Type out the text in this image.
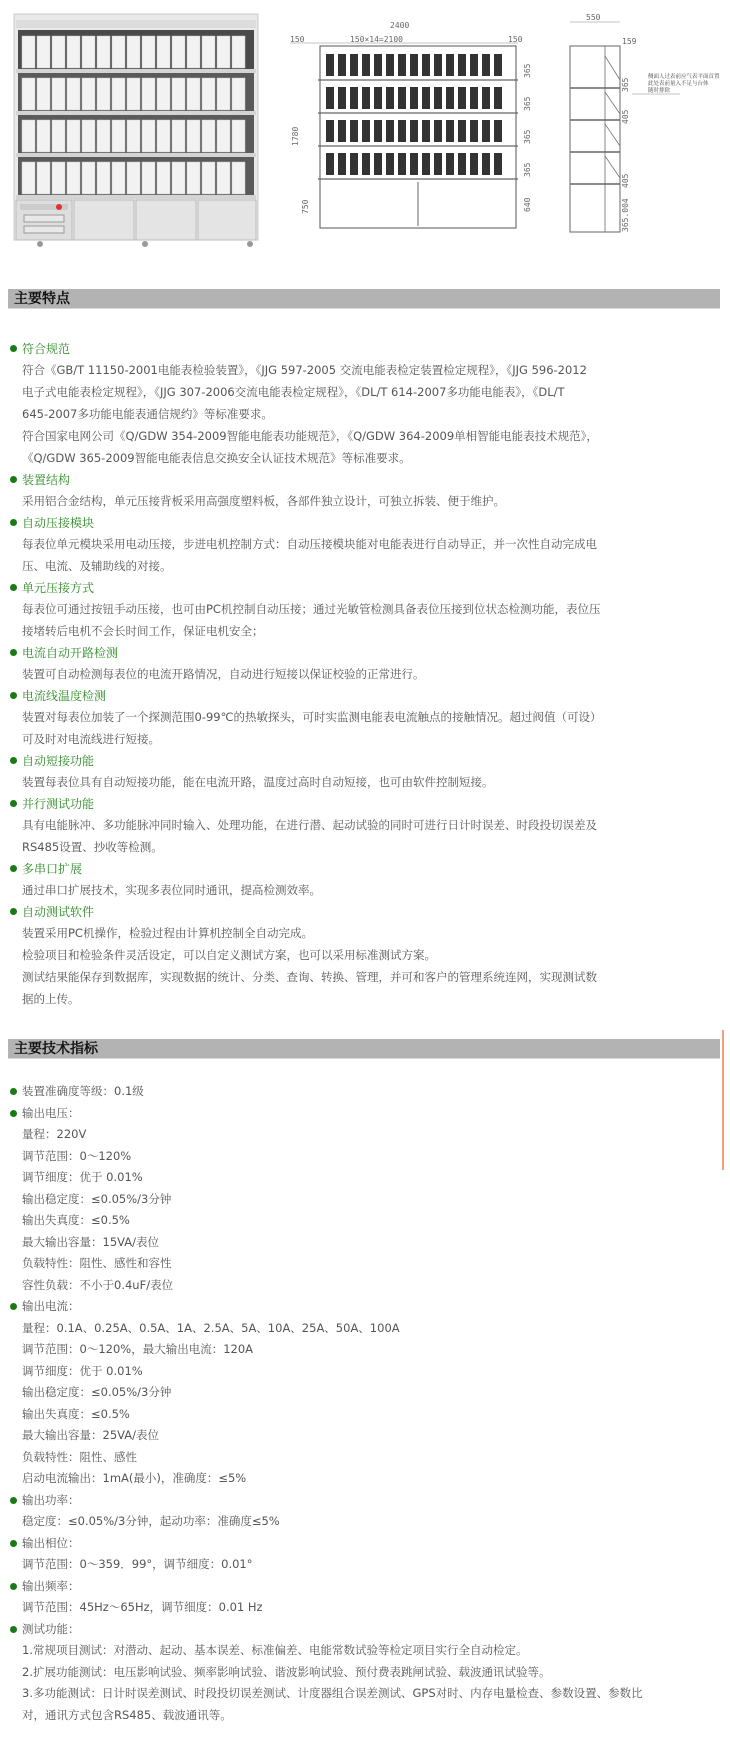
2400
150	150×14=2100	150
1780
750	640
365
365
365
365
550
159
365
405
405
365.004
侧面人过表前应气表平面首置
此处表前量入不足与台体
随时排除
主要特点
符合规范
符合《GB/T 11150-2001电能表检验装置》，《JJG 597-2005 交流电能表检定装置检定规程》，《JJG 596-2012
电子式电能表检定规程》，《JJG 307-2006交流电能表检定规程》，《DL/T 614-2007多功能电能表》，《DL/T
645-2007多功能电能表通信规约》等标准要求。
符合国家电网公司《Q/GDW 354-2009智能电能表功能规范》，《Q/GDW 364-2009单相智能电能表技术规范》，
《Q/GDW 365-2009智能电能表信息交换安全认证技术规范》等标准要求。
装置结构
采用铝合金结构，单元压接背板采用高强度塑料板，各部件独立设计，可独立拆装、便于维护。
自动压接模块
每表位单元模块采用电动压接，步进电机控制方式：自动压接模块能对电能表进行自动导正，并一次性自动完成电
压、电流、及辅助线的对接。
单元压接方式
每表位可通过按钮手动压接，也可由PC机控制自动压接；通过光敏管检测具备表位压接到位状态检测功能，表位压
接堵转后电机不会长时间工作，保证电机安全；
电流自动开路检测
装置可自动检测每表位的电流开路情况，自动进行短接以保证校验的正常进行。
电流线温度检测
装置对每表位加装了一个探测范围0-99℃的热敏探头，可时实监测电能表电流触点的接触情况。超过阀值（可设）
可及时对电流线进行短接。
自动短接功能
装置每表位具有自动短接功能，能在电流开路，温度过高时自动短接，也可由软件控制短接。
并行测试功能
具有电能脉冲、多功能脉冲同时输入、处理功能，在进行潜、起动试验的同时可进行日计时误差、时段投切误差及
RS485设置、抄收等检测。
多串口扩展
通过串口扩展技术，实现多表位同时通讯，提高检测效率。
自动测试软件
装置采用PC机操作，检验过程由计算机控制全自动完成。
检验项目和检验条件灵活设定，可以自定义测试方案，也可以采用标准测试方案。
测试结果能保存到数据库，实现数据的统计、分类、查询、转换、管理，并可和客户的管理系统连网，实现测试数
据的上传。
主要技术指标
装置准确度等级：0.1级
输出电压：
量程：220V
调节范围：0～120%
调节细度：优于 0.01%
输出稳定度：≤0.05%/3分钟
输出失真度：≤0.5%
最大输出容量：15VA/表位
负载特性：阻性、感性和容性
容性负载：不小于0.4uF/表位
输出电流：
量程：0.1A、0.25A、0.5A、1A、2.5A、5A、10A、25A、50A、100A
调节范围：0～120%，最大输出电流：120A
调节细度：优于 0.01%
输出稳定度：≤0.05%/3分钟
输出失真度：≤0.5%
最大输出容量：25VA/表位
负载特性：阻性、感性
启动电流输出：1mA(最小)，准确度：≤5%
输出功率：
稳定度：≤0.05%/3分钟，起动功率：准确度≤5%
输出相位：
调节范围：0～359．99°，调节细度：0.01°
输出频率：
调节范围：45Hz～65Hz，调节细度：0.01 Hz
测试功能：
1.常规项目测试：对潜动、起动、基本误差、标准偏差、电能常数试验等检定项目实行全自动检定。
2.扩展功能测试：电压影响试验、频率影响试验、谐波影响试验、预付费表跳闸试验、载波通讯试验等。
3.多功能测试：日计时误差测试、时段投切误差测试、计度器组合误差测试、GPS对时、内存电量检查、参数设置、参数比
对，通讯方式包含RS485、载波通讯等。
